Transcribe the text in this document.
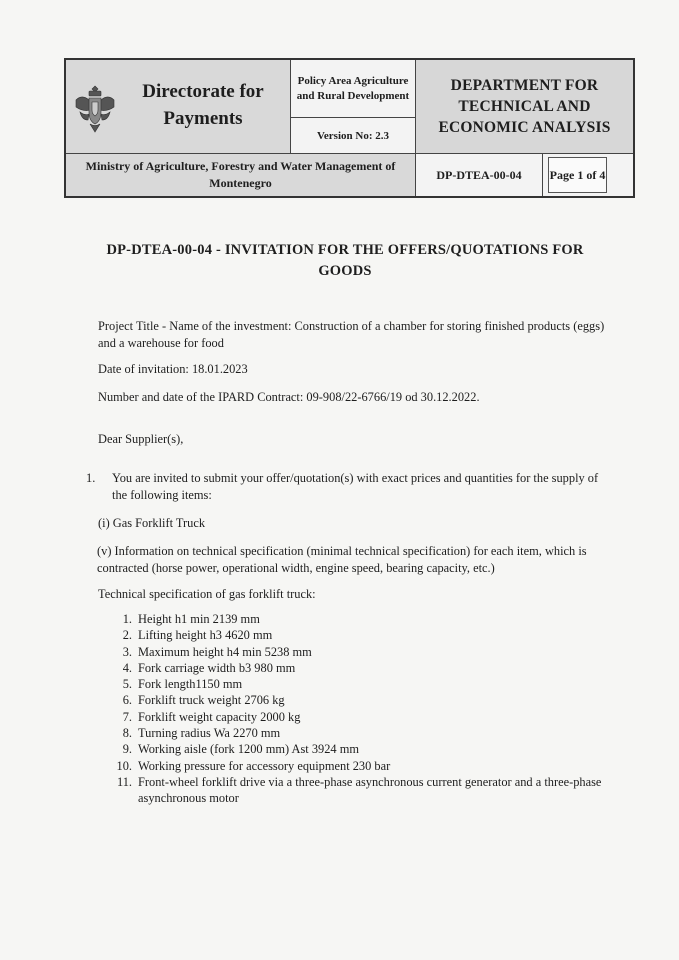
Directorate for Payments
Policy Area Agriculture and Rural Development
Version No: 2.3
DEPARTMENT FOR TECHNICAL AND ECONOMIC ANALYSIS
Ministry of Agriculture, Forestry and Water Management of Montenegro
DP-DTEA-00-04 Page 1 of 4
DP-DTEA-00-04 - INVITATION FOR THE OFFERS/QUOTATIONS FOR GOODS
Project Title - Name of the investment: Construction of a chamber for storing finished products (eggs) and a warehouse for food
Date of invitation: 18.01.2023
Number and date of the IPARD Contract: 09-908/22-6766/19 od 30.12.2022.
Dear Supplier(s),
1. You are invited to submit your offer/quotation(s) with exact prices and quantities for the supply of the following items:
(i) Gas Forklift Truck
(v) Information on technical specification (minimal technical specification) for each item, which is contracted (horse power, operational width, engine speed, bearing capacity, etc.)
Technical specification of gas forklift truck:
1. Height h1 min 2139 mm
2. Lifting height h3 4620 mm
3. Maximum height h4 min 5238 mm
4. Fork carriage width b3 980 mm
5. Fork length1150 mm
6. Forklift truck weight 2706 kg
7. Forklift weight capacity 2000 kg
8. Turning radius Wa 2270 mm
9. Working aisle (fork 1200 mm) Ast 3924 mm
10. Working pressure for accessory equipment 230 bar
11. Front-wheel forklift drive via a three-phase asynchronous current generator and a three-phase asynchronous motor
